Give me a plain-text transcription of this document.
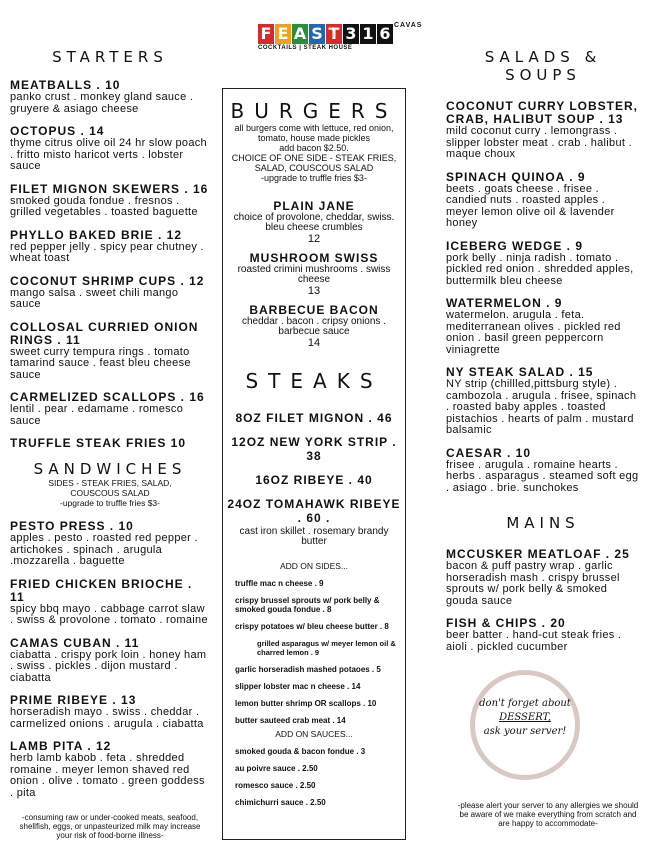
F E A S T 3 1 6 CAVAS
COCKTAILS | STEAK HOUSE
STARTERS
MEATBALLS . 10
panko crust . monkey gland sauce . gruyere & asiago cheese
OCTOPUS . 14
thyme citrus olive oil 24 hr slow poach . fritto misto haricot verts . lobster sauce
FILET MIGNON SKEWERS . 16
smoked gouda fondue . fresnos . grilled vegetables . toasted baguette
PHYLLO BAKED BRIE . 12
red pepper jelly . spicy pear chutney . wheat toast
COCONUT SHRIMP CUPS . 12
mango salsa . sweet chili mango sauce
COLLOSAL CURRIED ONION RINGS . 11
sweet curry tempura rings . tomato tamarind sauce . feast bleu cheese sauce
CARMELIZED SCALLOPS . 16
lentil . pear . edamame . romesco sauce
TRUFFLE STEAK FRIES 10
SANDWICHES
SIDES - STEAK FRIES, SALAD, COUSCOUS SALAD
-upgrade to truffle fries $3-
PESTO PRESS . 10
apples . pesto . roasted red pepper . artichokes . spinach . arugula .mozzarella . baguette
FRIED CHICKEN BRIOCHE . 11
spicy bbq mayo . cabbage carrot slaw . swiss & provolone . tomato . romaine
CAMAS CUBAN . 11
ciabatta . crispy pork loin . honey ham . swiss . pickles . dijon mustard . ciabatta
PRIME RIBEYE . 13
horseradish mayo . swiss . cheddar . carmelized onions . arugula . ciabatta
LAMB PITA . 12
herb lamb kabob . feta . shredded romaine . meyer lemon shaved red onion . olive . tomato . green goddess . pita
-consuming raw or under-cooked meats, seafood, shellfish, eggs, or unpasteurized milk may increase your risk of food-borne illness-
BURGERS
all burgers come with lettuce, red onion, tomato, house made pickles
add bacon $2.50.
CHOICE OF ONE SIDE - STEAK FRIES, SALAD, COUSCOUS SALAD
-upgrade to truffle fries $3-
PLAIN JANE
choice of provolone, cheddar, swiss. bleu cheese crumbles
12
MUSHROOM SWISS
roasted crimini mushrooms . swiss cheese
13
BARBECUE BACON
cheddar . bacon . cripsy onions . barbecue sauce
14
STEAKS
8OZ FILET MIGNON . 46
12OZ NEW YORK STRIP . 38
16OZ RIBEYE . 40
24OZ TOMAHAWK RIBEYE . 60 .
cast iron skillet . rosemary brandy butter
ADD ON SIDES...
truffle mac n cheese . 9
crispy brussel sprouts w/ pork belly & smoked gouda fondue . 8
crispy potatoes w/ bleu cheese butter . 8
grilled asparagus w/ meyer lemon oil & charred lemon . 9
garlic horseradish mashed potaoes . 5
slipper lobster mac n cheese . 14
lemon butter shrimp OR scallops . 10
butter sauteed crab meat . 14
ADD ON SAUCES...
smoked gouda & bacon fondue . 3
au poivre sauce . 2.50
romesco sauce . 2.50
chimichurri sauce . 2.50
SALADS & SOUPS
COCONUT CURRY LOBSTER, CRAB, HALIBUT SOUP . 13
mild coconut curry . lemongrass . slipper lobster meat . crab . halibut . maque choux
SPINACH QUINOA . 9
beets . goats cheese . frisee . candied nuts . roasted apples . meyer lemon olive oil & lavender honey
ICEBERG WEDGE . 9
pork belly . ninja radish . tomato . pickled red onion . shredded apples, buttermilk bleu cheese
WATERMELON . 9
watermelon. arugula . feta. mediterranean olives . pickled red onion . basil green peppercorn viniagrette
NY STEAK SALAD . 15
NY strip (chillled,pittsburg style) . cambozola . arugula . frisee, spinach . roasted baby apples . toasted pistachios . hearts of palm . mustard balsamic
CAESAR . 10
frisee . arugula . romaine hearts . herbs . asparagus . steamed soft egg . asiago . brie. sunchokes
MAINS
MCCUSKER MEATLOAF . 25
bacon & puff pastry wrap . garlic horseradish mash . crispy brussel sprouts w/ pork belly & smoked gouda sauce
FISH & CHIPS . 20
beer batter . hand-cut steak fries . aioli . pickled cucumber
-please alert your server to any allergies we should be aware of we make everything from scratch and are happy to accommodate-
don't forget about
DESSERT,
ask your server!
